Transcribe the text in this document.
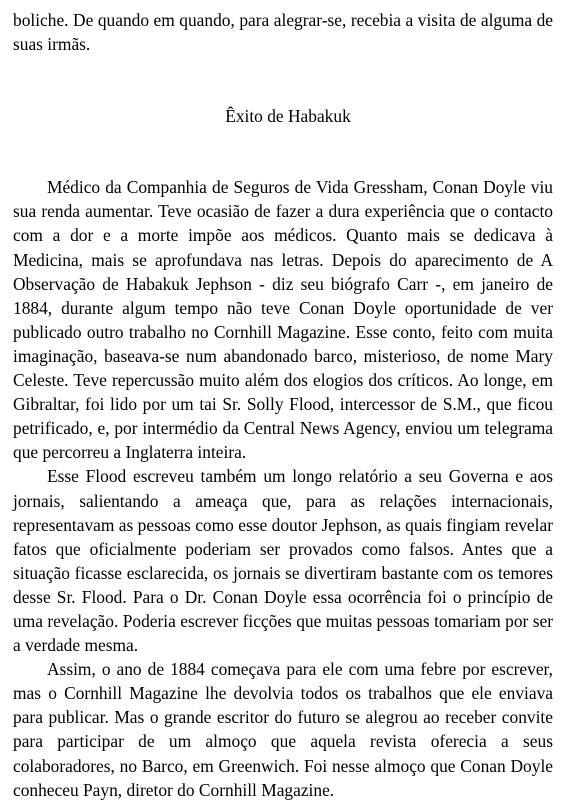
boliche. De quando em quando, para alegrar-se, recebia a visita de alguma de suas irmãs.

Êxito de Habakuk

Médico da Companhia de Seguros de Vida Gressham, Conan Doyle viu sua renda aumentar. Teve ocasião de fazer a dura experiência que o contacto com a dor e a morte impõe aos médicos. Quanto mais se dedicava à Medicina, mais se aprofundava nas letras. Depois do aparecimento de A Observação de Habakuk Jephson - diz seu biógrafo Carr -, em janeiro de 1884, durante algum tempo não teve Conan Doyle oportunidade de ver publicado outro trabalho no Cornhill Magazine. Esse conto, feito com muita imaginação, baseava-se num abandonado barco, misterioso, de nome Mary Celeste. Teve repercussão muito além dos elogios dos críticos. Ao longe, em Gibraltar, foi lido por um tai Sr. Solly Flood, intercessor de S.M., que ficou petrificado, e, por intermédio da Central News Agency, enviou um telegrama que percorreu a Inglaterra inteira.

Esse Flood escreveu também um longo relatório a seu Governa e aos jornais, salientando a ameaça que, para as relações internacionais, representavam as pessoas como esse doutor Jephson, as quais fingiam revelar fatos que oficialmente poderiam ser provados como falsos. Antes que a situação ficasse esclarecida, os jornais se divertiram bastante com os temores desse Sr. Flood. Para o Dr. Conan Doyle essa ocorrência foi o princípio de uma revelação. Poderia escrever ficções que muitas pessoas tomariam por ser a verdade mesma.

Assim, o ano de 1884 começava para ele com uma febre por escrever, mas o Cornhill Magazine lhe devolvia todos os trabalhos que ele enviava para publicar. Mas o grande escritor do futuro se alegrou ao receber convite para participar de um almoço que aquela revista oferecia a seus colaboradores, no Barco, em Greenwich. Foi nesse almoço que Conan Doyle conheceu Payn, diretor do Cornhill Magazine.
